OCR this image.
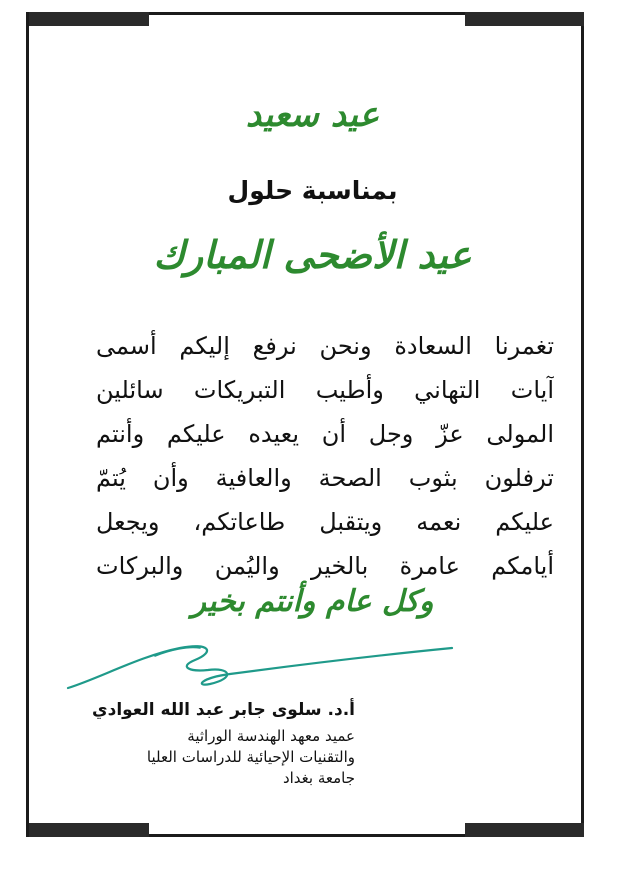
عيد سعيد
بمناسبة حلول
عيد الأضحى المبارك
تغمرنا السعادة ونحن نرفع إليكم أسمى
آيات التهاني وأطيب التبريكات سائلين
المولى عزّ وجل أن يعيده عليكم وأنتم
ترفلون بثوب الصحة والعافية وأن يُتمّ
عليكم نعمه ويتقبل طاعاتكم، ويجعل
أيامكم عامرة بالخير واليُمن والبركات
وكل عام وأنتم بخير
أ.د. سلوى جابر عبد الله العوادي
عميد معهد الهندسة الوراثية
والتقنيات الإحيائية للدراسات العليا
جامعة بغداد
